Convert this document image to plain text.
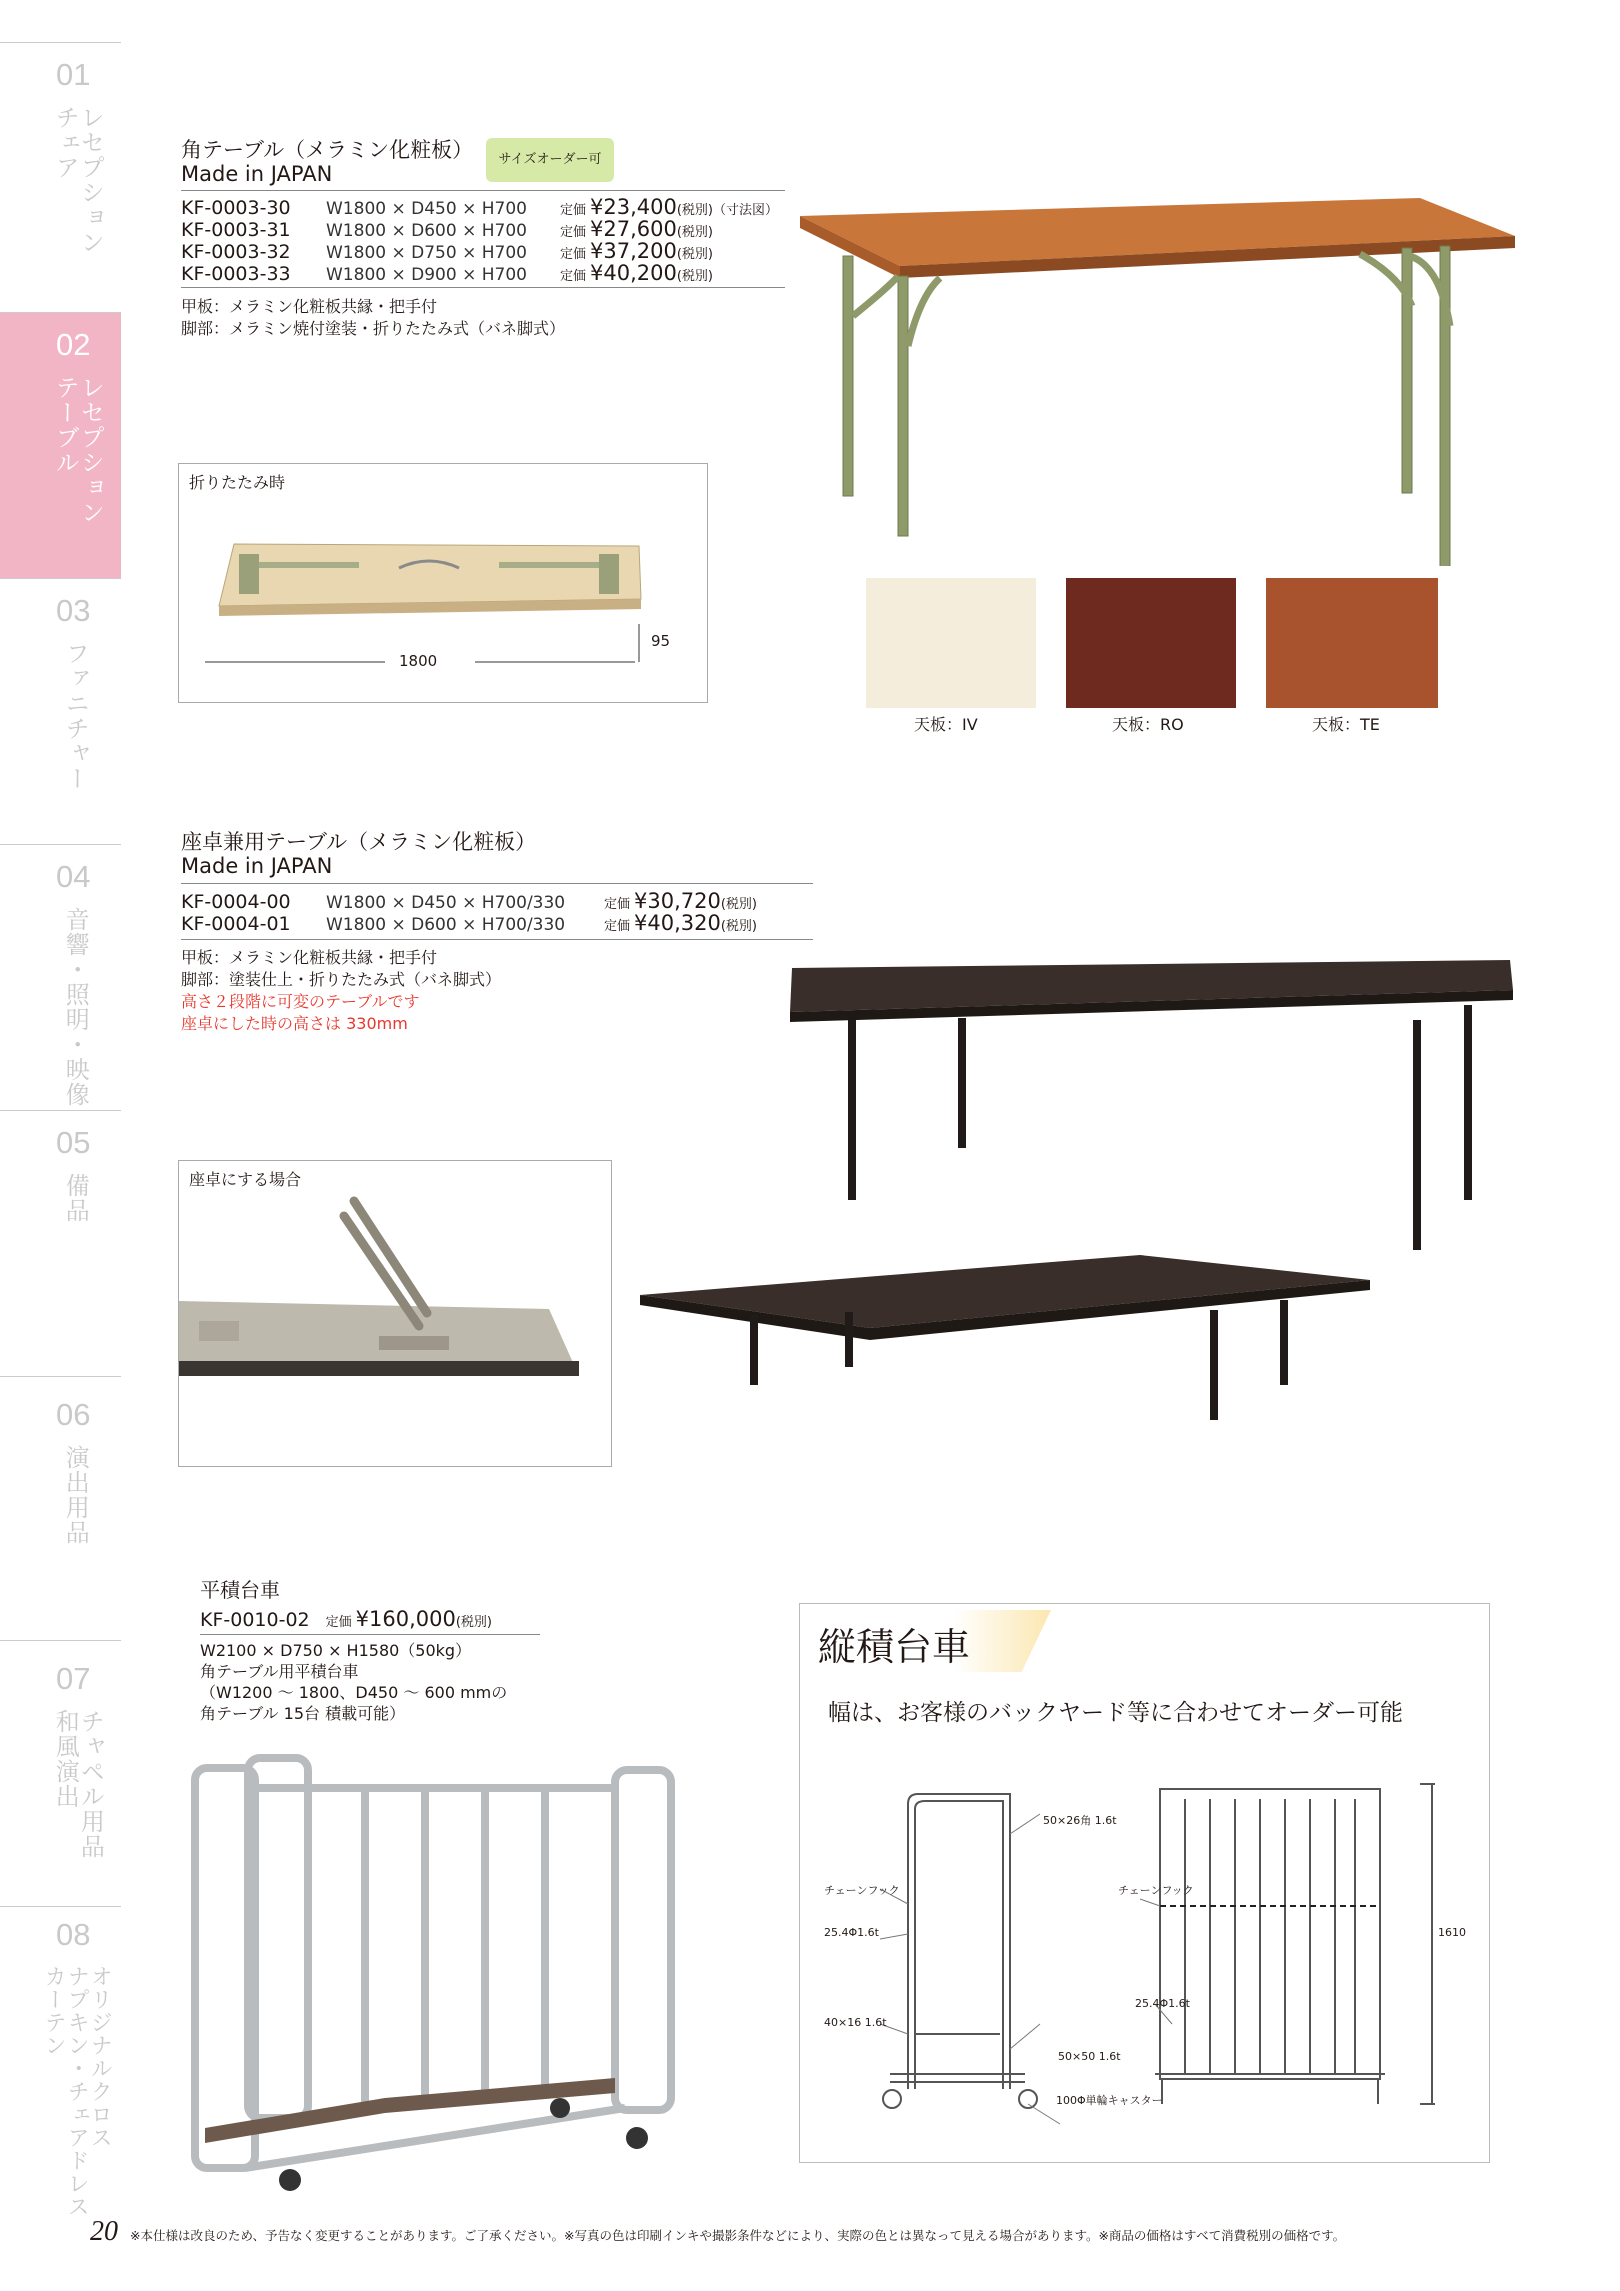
01
レセプション
チェア
02
レセプション
テーブル
03
ファニチャー
04
音響・照明・映像
05
備品
06
演出用品
07
チャペル用品
和風演出
08
オリジナルクロス
ナプキン・チェアドレス
カーテン
角テーブル（メラミン化粧板）
Made in JAPAN
サイズオーダー可
KF-0003-30 W1800 × D450 × H700	定価 ¥23,400(税別)（寸法図）
KF-0003-31 W1800 × D600 × H700	定価 ¥27,600(税別)
KF-0003-32 W1800 × D750 × H700	定価 ¥37,200(税別)
KF-0003-33 W1800 × D900 × H700	定価 ¥40,200(税別)
甲板：メラミン化粧板共縁・把手付
脚部：メラミン焼付塗装・折りたたみ式（バネ脚式）
折りたたみ時
1800
95
天板：IV	天板：RO	天板：TE
座卓兼用テーブル（メラミン化粧板）
Made in JAPAN
KF-0004-00 W1800 × D450 × H700/330	定価 ¥30,720(税別)
KF-0004-01 W1800 × D600 × H700/330	定価 ¥40,320(税別)
甲板：メラミン化粧板共縁・把手付
脚部：塗装仕上・折りたたみ式（バネ脚式）
高さ２段階に可変のテーブルです
座卓にした時の高さは 330mm
座卓にする場合
平積台車
KF-0010-02 定価 ¥160,000(税別)
W2100 × D750 × H1580（50kg）
角テーブル用平積台車
（W1200 ～ 1800、D450 ～ 600 mmの
角テーブル 15台 積載可能）
縦積台車
幅は、お客様のバックヤード等に合わせてオーダー可能
50×26角 1.6t
チェーンフック
25.4Φ1.6t
40×16 1.6t
50×50 1.6t
100Φ単輪キャスター
チェーンフック
25.4Φ1.6t
1610
20 ※本仕様は改良のため、予告なく変更することがあります。ご了承ください。※写真の色は印刷インキや撮影条件などにより、実際の色とは異なって見える場合があります。※商品の価格はすべて消費税別の価格です。
